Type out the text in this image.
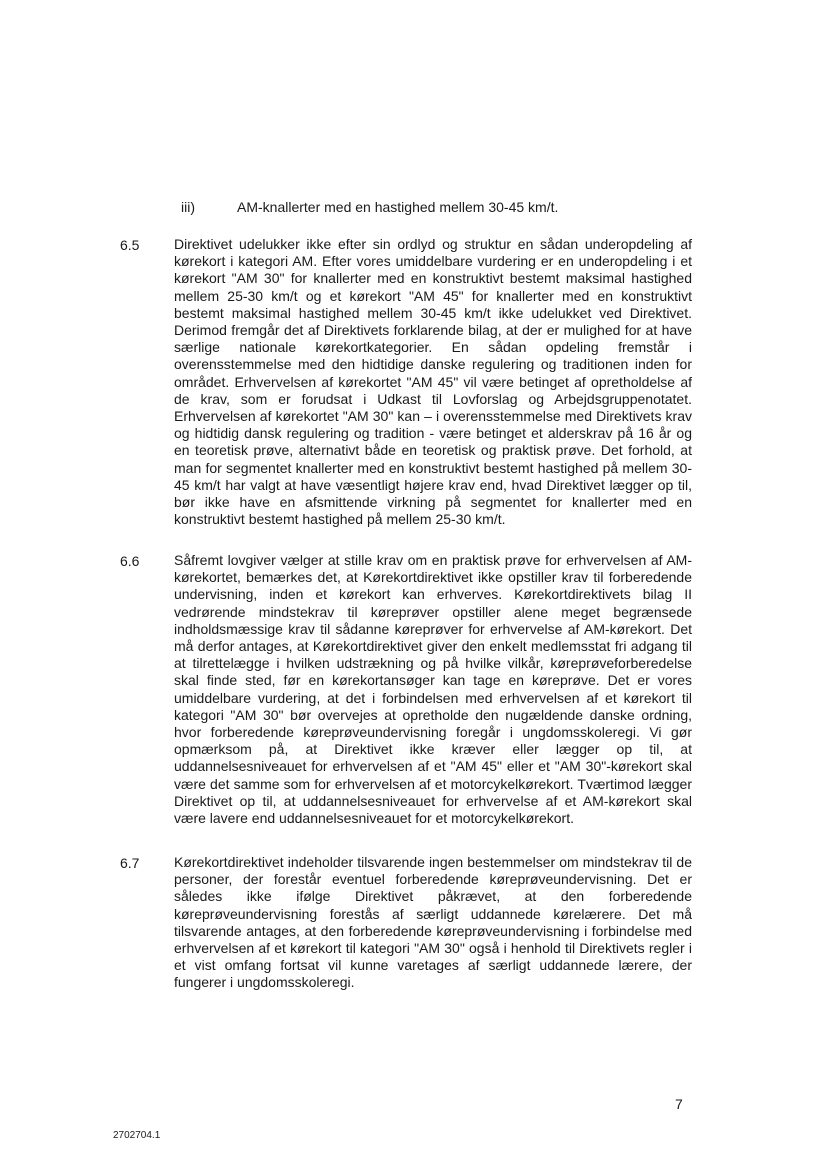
iii)	AM-knallerter med en hastighed mellem 30-45 km/t.
6.5 Direktivet udelukker ikke efter sin ordlyd og struktur en sådan underopdeling af kørekort i kategori AM. Efter vores umiddelbare vurdering er en underopdeling i et kørekort "AM 30" for knallerter med en konstruktivt bestemt maksimal hastighed mellem 25-30 km/t og et kørekort "AM 45" for knallerter med en konstruktivt bestemt maksimal hastighed mellem 30-45 km/t ikke udelukket ved Direktivet. Derimod fremgår det af Direktivets forklarende bilag, at der er mulighed for at have særlige nationale kørekortkategorier. En sådan opdeling fremstår i overensstemmelse med den hidtidige danske regulering og traditionen inden for området. Erhvervelsen af kørekortet "AM 45" vil være betinget af opretholdelse af de krav, som er forudsat i Udkast til Lovforslag og Arbejdsgruppenotatet. Erhvervelsen af kørekortet "AM 30" kan – i overensstemmelse med Direktivets krav og hidtidig dansk regulering og tradition - være betinget et alderskrav på 16 år og en teoretisk prøve, alternativt både en teoretisk og praktisk prøve. Det forhold, at man for segmentet knallerter med en konstruktivt bestemt hastighed på mellem 30-45 km/t har valgt at have væsentligt højere krav end, hvad Direktivet lægger op til, bør ikke have en afsmittende virkning på segmentet for knallerter med en konstruktivt bestemt hastighed på mellem 25-30 km/t.
6.6 Såfremt lovgiver vælger at stille krav om en praktisk prøve for erhvervelsen af AM-kørekortet, bemærkes det, at Kørekortdirektivet ikke opstiller krav til forberedende undervisning, inden et kørekort kan erhverves. Kørekortdirektivets bilag II vedrørende mindstekrav til køreprøver opstiller alene meget begrænsede indholdsmæssige krav til sådanne køreprøver for erhvervelse af AM-kørekort. Det må derfor antages, at Kørekortdirektivet giver den enkelt medlemsstat fri adgang til at tilrettelægge i hvilken udstrækning og på hvilke vilkår, køreprøveforberedelse skal finde sted, før en kørekortansøger kan tage en køreprøve. Det er vores umiddelbare vurdering, at det i forbindelsen med erhvervelsen af et kørekort til kategori "AM 30" bør overvejes at opretholde den nugældende danske ordning, hvor forberedende køreprøveundervisning foregår i ungdomsskoleregi. Vi gør opmærksom på, at Direktivet ikke kræver eller lægger op til, at uddannelsesniveauet for erhvervelsen af et "AM 45" eller et "AM 30"-kørekort skal være det samme som for erhvervelsen af et motorcykelkørekort. Tværtimod lægger Direktivet op til, at uddannelsesniveauet for erhvervelse af et AM-kørekort skal være lavere end uddannelsesniveauet for et motorcykelkørekort.
6.7 Kørekortdirektivet indeholder tilsvarende ingen bestemmelser om mindstekrav til de personer, der forestår eventuel forberedende køreprøveundervisning. Det er således ikke ifølge Direktivet påkrævet, at den forberedende køreprøveundervisning forestås af særligt uddannede kørelærere. Det må tilsvarende antages, at den forberedende køreprøveundervisning i forbindelse med erhvervelsen af et kørekort til kategori "AM 30" også i henhold til Direktivets regler i et vist omfang fortsat vil kunne varetages af særligt uddannede lærere, der fungerer i ungdomsskoleregi.
7
2702704.1
